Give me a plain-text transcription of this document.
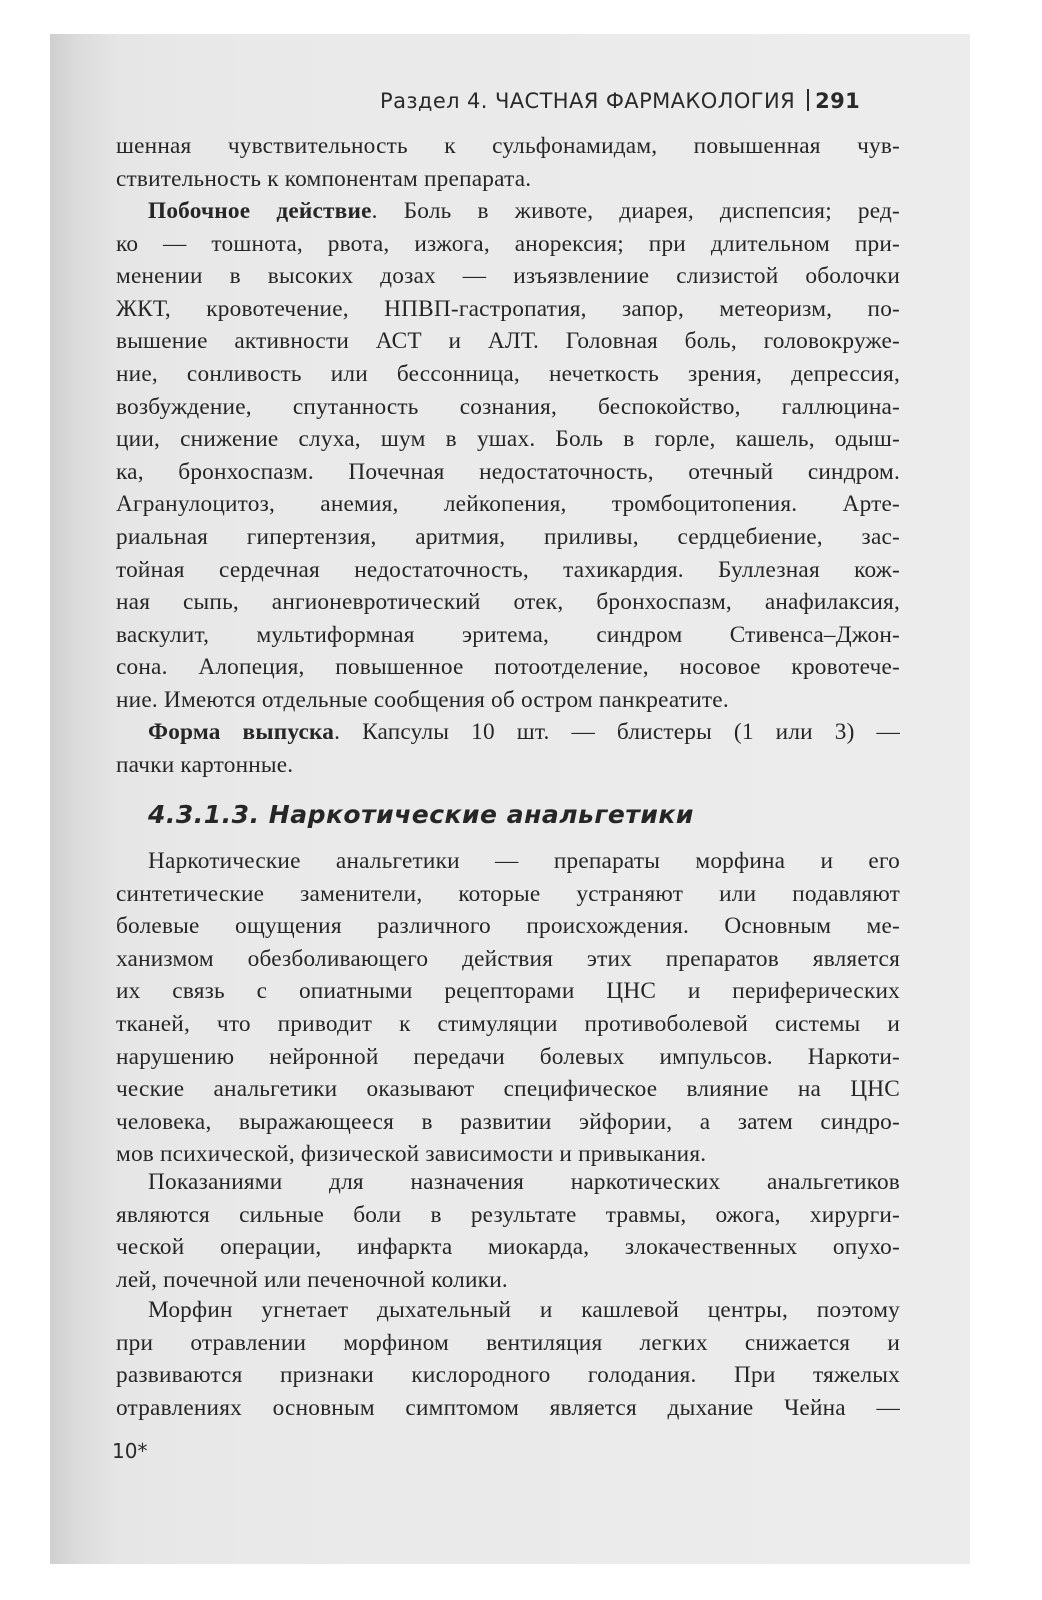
Раздел 4. ЧАСТНАЯ ФАРМАКОЛОГИЯ 291
шенная чувствительность к сульфонамидам, повышенная чув-
ствительность к компонентам препарата.
Побочное действие. Боль в животе, диарея, диспепсия; ред-
ко — тошнота, рвота, изжога, анорексия; при длительном при-
менении в высоких дозах — изъязвлениие слизистой оболочки
ЖКТ, кровотечение, НПВП-гастропатия, запор, метеоризм, по-
вышение активности АСТ и АЛТ. Головная боль, головокруже-
ние, сонливость или бессонница, нечеткость зрения, депрессия,
возбуждение, спутанность сознания, беспокойство, галлюцина-
ции, снижение слуха, шум в ушах. Боль в горле, кашель, одыш-
ка, бронхоспазм. Почечная недостаточность, отечный синдром.
Агранулоцитоз, анемия, лейкопения, тромбоцитопения. Арте-
риальная гипертензия, аритмия, приливы, сердцебиение, зас-
тойная сердечная недостаточность, тахикардия. Буллезная кож-
ная сыпь, ангионевротический отек, бронхоспазм, анафилаксия,
васкулит, мультиформная эритема, синдром Стивенса–Джон-
сона. Алопеция, повышенное потоотделение, носовое кровотече-
ние. Имеются отдельные сообщения об остром панкреатите.
Форма выпуска. Капсулы 10 шт. — блистеры (1 или 3) —
пачки картонные.
4.3.1.3. Наркотические анальгетики
Наркотические анальгетики — препараты морфина и его
синтетические заменители, которые устраняют или подавляют
болевые ощущения различного происхождения. Основным ме-
ханизмом обезболивающего действия этих препаратов является
их связь с опиатными рецепторами ЦНС и периферических
тканей, что приводит к стимуляции противоболевой системы и
нарушению нейронной передачи болевых импульсов. Наркоти-
ческие анальгетики оказывают специфическое влияние на ЦНС
человека, выражающееся в развитии эйфории, а затем синдро-
мов психической, физической зависимости и привыкания.
Показаниями для назначения наркотических анальгетиков
являются сильные боли в результате травмы, ожога, хирурги-
ческой операции, инфаркта миокарда, злокачественных опухо-
лей, почечной или печеночной колики.
Морфин угнетает дыхательный и кашлевой центры, поэтому
при отравлении морфином вентиляция легких снижается и
развиваются признаки кислородного голодания. При тяжелых
отравлениях основным симптомом является дыхание Чейна —
10*
